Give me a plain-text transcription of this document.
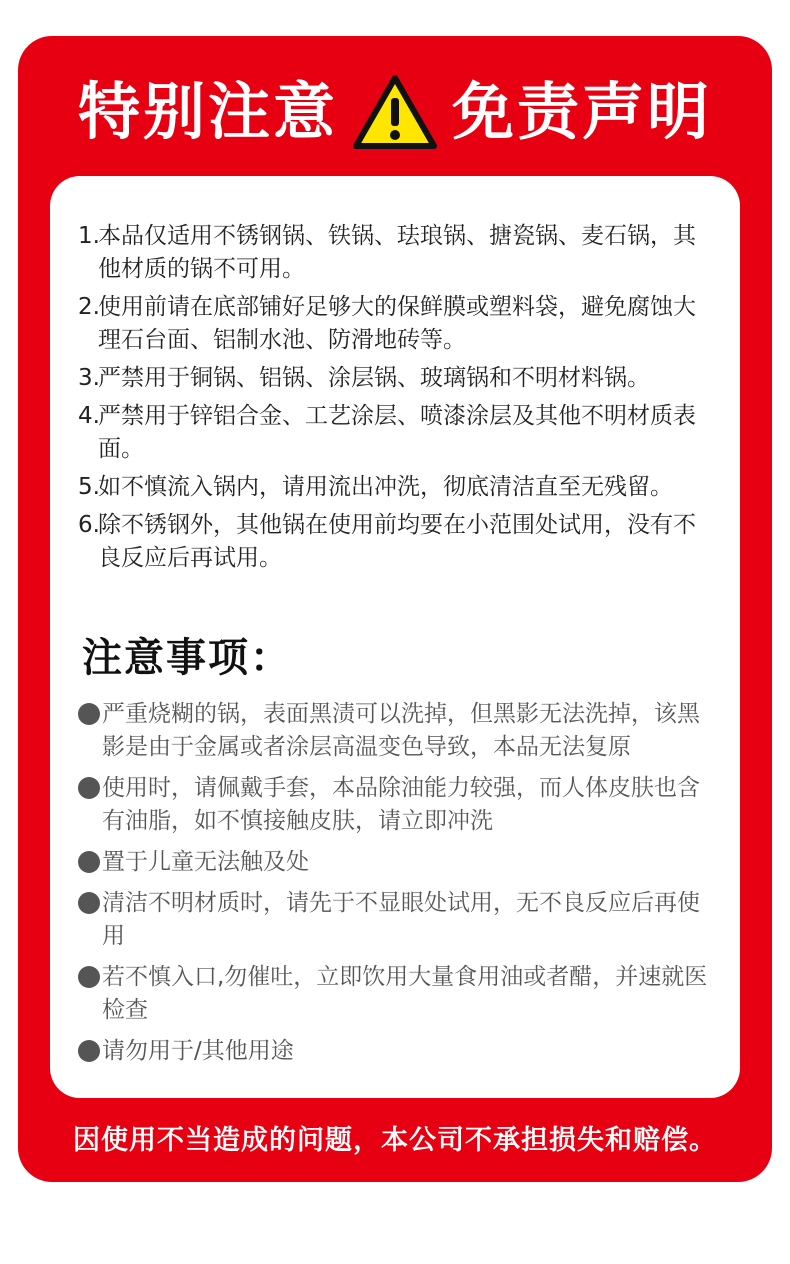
特别注意 免责声明
1.
本品仅适用不锈钢锅、铁锅、珐琅锅、搪瓷锅、麦石锅，其他材质的锅不可用。
2.
使用前请在底部铺好足够大的保鲜膜或塑料袋，避免腐蚀大理石台面、铝制水池、防滑地砖等。
3.
严禁用于铜锅、铝锅、涂层锅、玻璃锅和不明材料锅。
4.
严禁用于锌铝合金、工艺涂层、喷漆涂层及其他不明材质表面。
5.
如不慎流入锅内，请用流出冲洗，彻底清洁直至无残留。
6.
除不锈钢外，其他锅在使用前均要在小范围处试用，没有不良反应后再试用。
注意事项：
严重烧糊的锅，表面黑渍可以洗掉，但黑影无法洗掉，该黑影是由于金属或者涂层高温变色导致，本品无法复原
使用时，请佩戴手套，本品除油能力较强，而人体皮肤也含有油脂，如不慎接触皮肤，请立即冲洗
置于儿童无法触及处
清洁不明材质时，请先于不显眼处试用，无不良反应后再使用
若不慎入口,勿催吐，立即饮用大量食用油或者醋，并速就医检查
请勿用于/其他用途
因使用不当造成的问题，本公司不承担损失和赔偿。
